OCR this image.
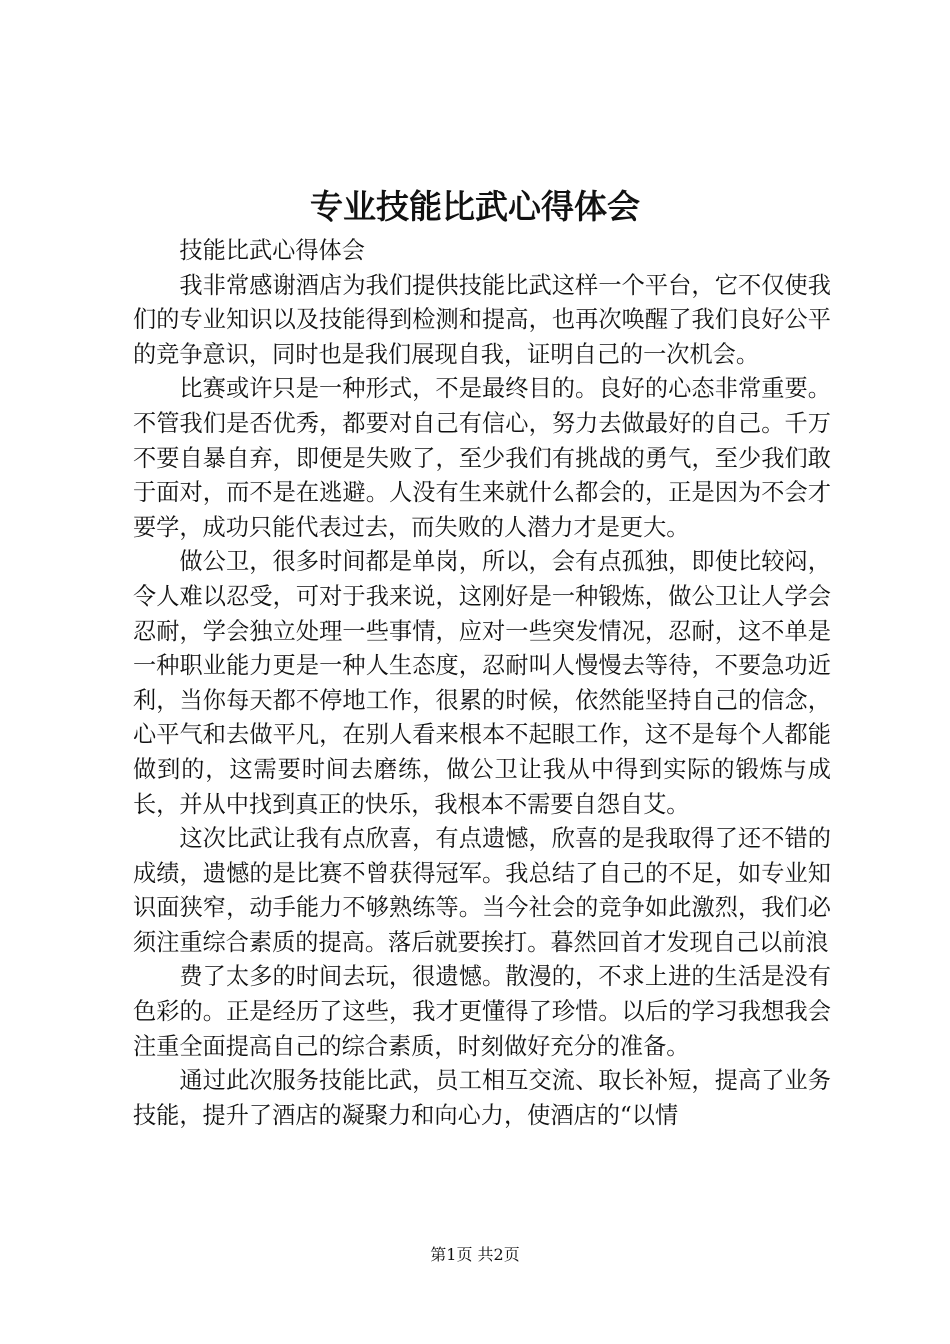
专业技能比武心得体会

技能比武心得体会

我非常感谢酒店为我们提供技能比武这样一个平台，它不仅使我们的专业知识以及技能得到检测和提高，也再次唤醒了我们良好公平的竞争意识，同时也是我们展现自我，证明自己的一次机会。

比赛或许只是一种形式，不是最终目的。良好的心态非常重要。不管我们是否优秀，都要对自己有信心，努力去做最好的自己。千万不要自暴自弃，即便是失败了，至少我们有挑战的勇气，至少我们敢于面对，而不是在逃避。人没有生来就什么都会的，正是因为不会才要学，成功只能代表过去，而失败的人潜力才是更大。

做公卫，很多时间都是单岗，所以，会有点孤独，即使比较闷，令人难以忍受，可对于我来说，这刚好是一种锻炼，做公卫让人学会忍耐，学会独立处理一些事情，应对一些突发情况，忍耐，这不单是一种职业能力更是一种人生态度，忍耐叫人慢慢去等待，不要急功近利，当你每天都不停地工作，很累的时候，依然能坚持自己的信念，心平气和去做平凡，在别人看来根本不起眼工作，这不是每个人都能做到的，这需要时间去磨练，做公卫让我从中得到实际的锻炼与成长，并从中找到真正的快乐，我根本不需要自怨自艾。

这次比武让我有点欣喜，有点遗憾，欣喜的是我取得了还不错的成绩，遗憾的是比赛不曾获得冠军。我总结了自己的不足，如专业知识面狭窄，动手能力不够熟练等。当今社会的竞争如此激烈，我们必须注重综合素质的提高。落后就要挨打。暮然回首才发现自己以前浪

费了太多的时间去玩，很遗憾。散漫的，不求上进的生活是没有色彩的。正是经历了这些，我才更懂得了珍惜。以后的学习我想我会注重全面提高自己的综合素质，时刻做好充分的准备。

通过此次服务技能比武，员工相互交流、取长补短，提高了业务技能，提升了酒店的凝聚力和向心力，使酒店的“以情

第1页 共2页
